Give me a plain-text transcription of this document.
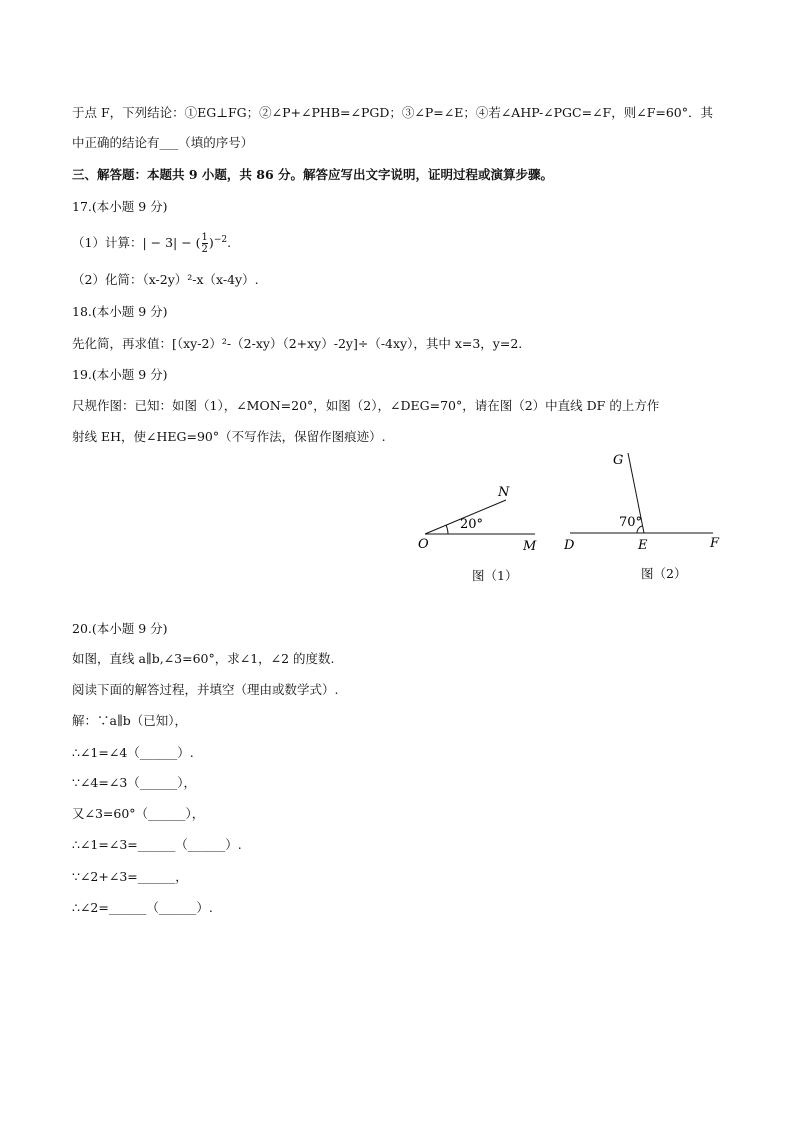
于点 F，下列结论：①EG⊥FG；②∠P+∠PHB=∠PGD；③∠P=∠E；④若∠AHP-∠PGC=∠F，则∠F=60°．其
中正确的结论有___（填的序号）
三、解答题：本题共 9 小题，共 86 分。解答应写出文字说明，证明过程或演算步骤。
17.(本小题 9 分)
（1）计算：| − 3| − ( $\frac{1}{2} )^{-2}$.
（2）化简：（x-2y）²-x（x-4y）.
18.(本小题 9 分)
先化简，再求值：[（xy-2）²-（2-xy）（2+xy）-2y]÷（-4xy），其中 x=3，y=2.
19.(本小题 9 分)
尺规作图：已知：如图（1），∠MON=20°，如图（2），∠DEG=70°，请在图（2）中直线 DF 的上方作
射线 EH，使∠HEG=90°（不写作法，保留作图痕迹）.
N
O	M
20°
图（1）
G
D	E	F
70°
图（2）
20.(本小题 9 分)
如图，直线 a∥b,∠3=60°，求∠1，∠2 的度数.
阅读下面的解答过程，并填空（理由或数学式）.
解：∵a∥b（已知），
∴∠1=∠4（______）.
∵∠4=∠3（______），
又∠3=60°（______），
∴∠1=∠3=______（______）.
∵∠2+∠3=______，
∴∠2=______（______）.
